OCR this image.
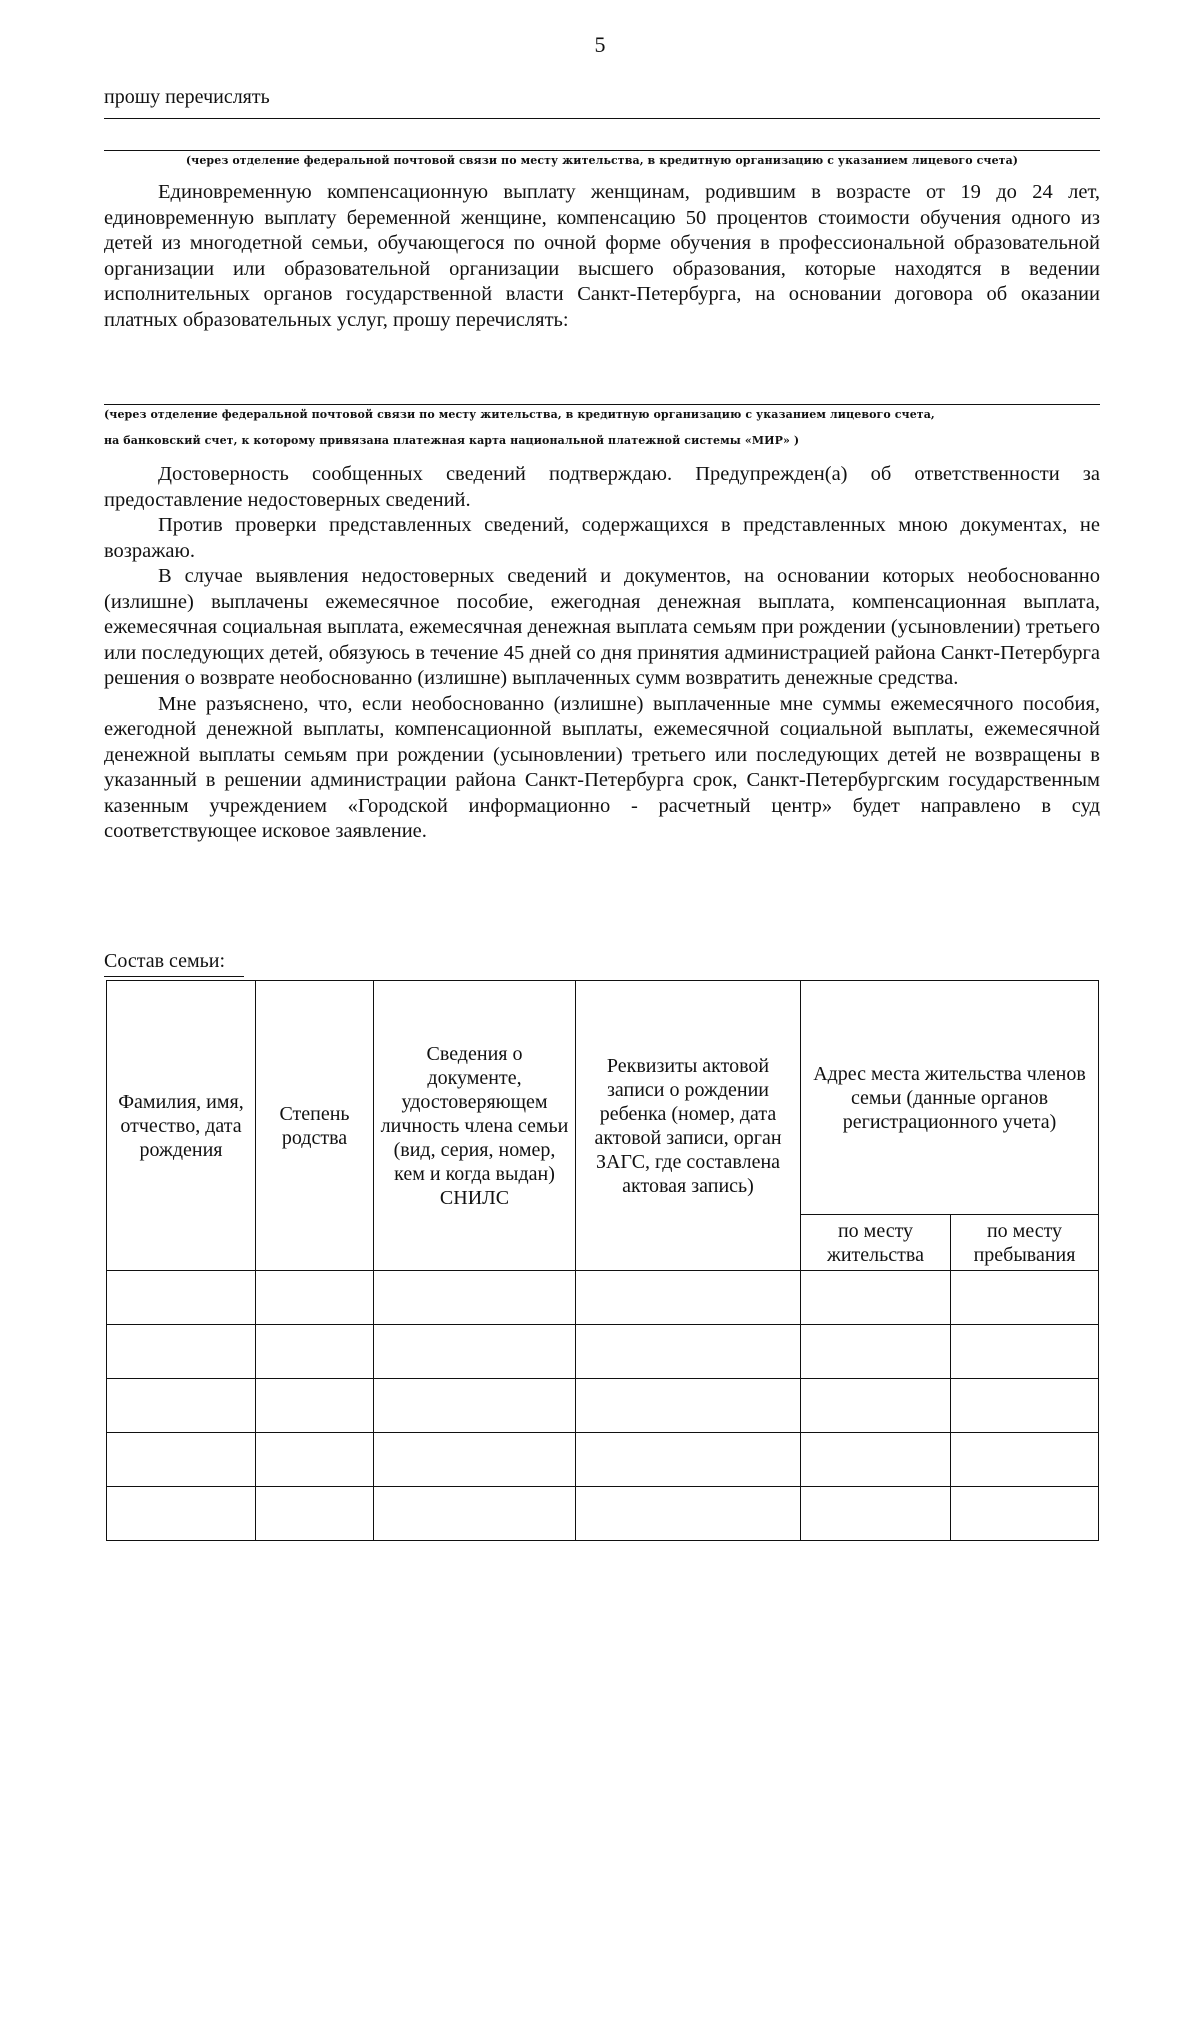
5
прошу перечислять
(через отделение федеральной почтовой связи по месту жительства, в кредитную организацию с указанием лицевого счета)

Единовременную компенсационную выплату женщинам, родившим в возрасте от 19 до 24 лет, единовременную выплату беременной женщине, компенсацию 50 процентов стоимости обучения одного из детей из многодетной семьи, обучающегося по очной форме обучения в профессиональной образовательной организации или образовательной организации высшего образования, которые находятся в ведении исполнительных органов государственной власти Санкт-Петербурга, на основании договора об оказании платных образовательных услуг, прошу перечислять:

(через отделение федеральной почтовой связи по месту жительства, в кредитную организацию с указанием лицевого счета,
на банковский счет, к которому привязана платежная карта национальной платежной системы «МИР» )

Достоверность сообщенных сведений подтверждаю. Предупрежден(а) об ответственности за предоставление недостоверных сведений.

Против проверки представленных сведений, содержащихся в представленных мною документах, не возражаю.

В случае выявления недостоверных сведений и документов, на основании которых необоснованно (излишне) выплачены ежемесячное пособие, ежегодная денежная выплата, компенсационная выплата, ежемесячная социальная выплата, ежемесячная денежная выплата семьям при рождении (усыновлении) третьего или последующих детей, обязуюсь в течение 45 дней со дня принятия администрацией района Санкт-Петербурга решения о возврате необоснованно (излишне) выплаченных сумм возвратить денежные средства.

Мне разъяснено, что, если необоснованно (излишне) выплаченные мне суммы ежемесячного пособия, ежегодной денежной выплаты, компенсационной выплаты, ежемесячной социальной выплаты, ежемесячной денежной выплаты семьям при рождении (усыновлении) третьего или последующих детей не возвращены в указанный в решении администрации района Санкт-Петербурга срок, Санкт-Петербургским государственным казенным учреждением «Городской информационно - расчетный центр» будет направлено в суд соответствующее исковое заявление.

Состав семьи:
Фамилия, имя, отчество, дата рождения	Степень родства	Сведения о документе, удостоверяющем личность члена семьи (вид, серия, номер, кем и когда выдан) СНИЛС	Реквизиты актовой записи о рождении ребенка (номер, дата актовой записи, орган ЗАГС, где составлена актовая запись)	Адрес места жительства членов семьи (данные органов регистрационного учета)	
				по месту жительства	по месту пребывания
